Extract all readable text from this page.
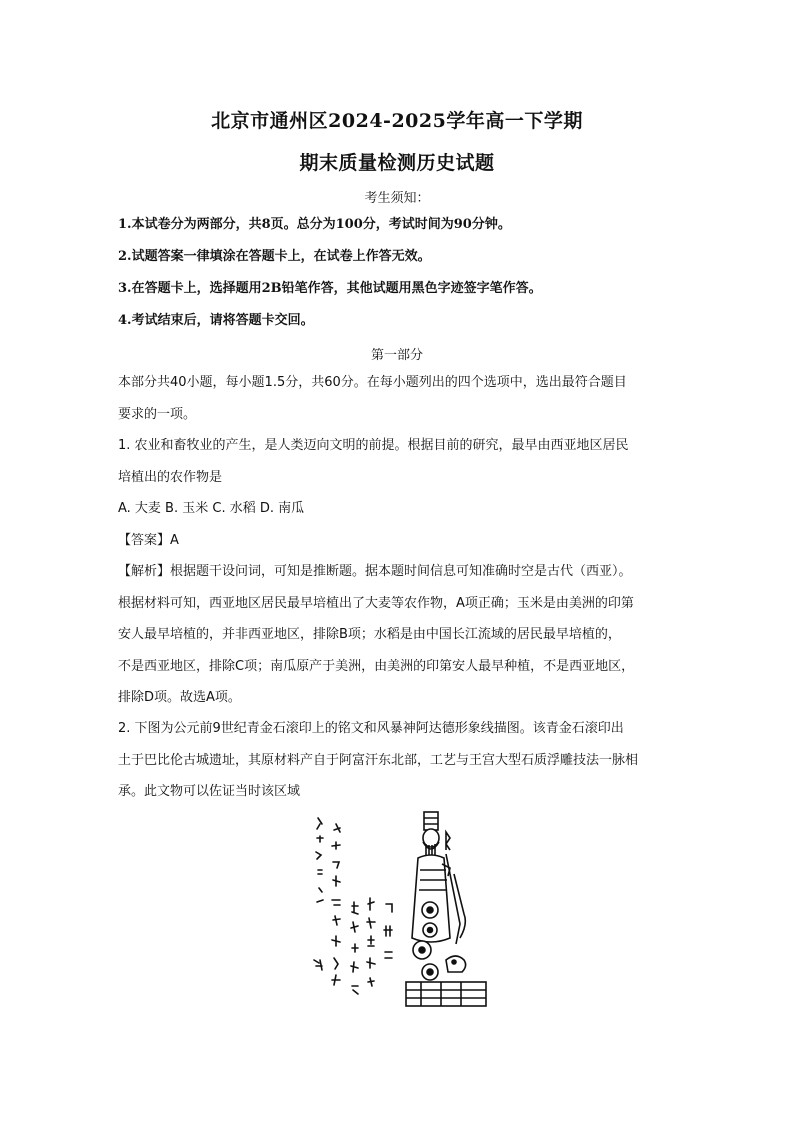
北京市通州区2024-2025学年高一下学期
期末质量检测历史试题
考生须知：
1.本试卷分为两部分，共8页。总分为100分，考试时间为90分钟。
2.试题答案一律填涂在答题卡上，在试卷上作答无效。
3.在答题卡上，选择题用2B铅笔作答，其他试题用黑色字迹签字笔作答。
4.考试结束后，请将答题卡交回。
第一部分
本部分共40小题，每小题1.5分，共60分。在每小题列出的四个选项中，选出最符合题目
要求的一项。
1. 农业和畜牧业的产生，是人类迈向文明的前提。根据目前的研究，最早由西亚地区居民
培植出的农作物是
A. 大麦 B. 玉米 C. 水稻 D. 南瓜
【答案】A
【解析】根据题干设问词，可知是推断题。据本题时间信息可知准确时空是古代（西亚）。
根据材料可知，西亚地区居民最早培植出了大麦等农作物，A项正确；玉米是由美洲的印第
安人最早培植的，并非西亚地区，排除B项；水稻是由中国长江流域的居民最早培植的，
不是西亚地区，排除C项；南瓜原产于美洲，由美洲的印第安人最早种植，不是西亚地区，
排除D项。故选A项。
2. 下图为公元前9世纪青金石滚印上的铭文和风暴神阿达德形象线描图。该青金石滚印出
土于巴比伦古城遗址，其原材料产自于阿富汗东北部，工艺与王宫大型石质浮雕技法一脉相
承。此文物可以佐证当时该区域
